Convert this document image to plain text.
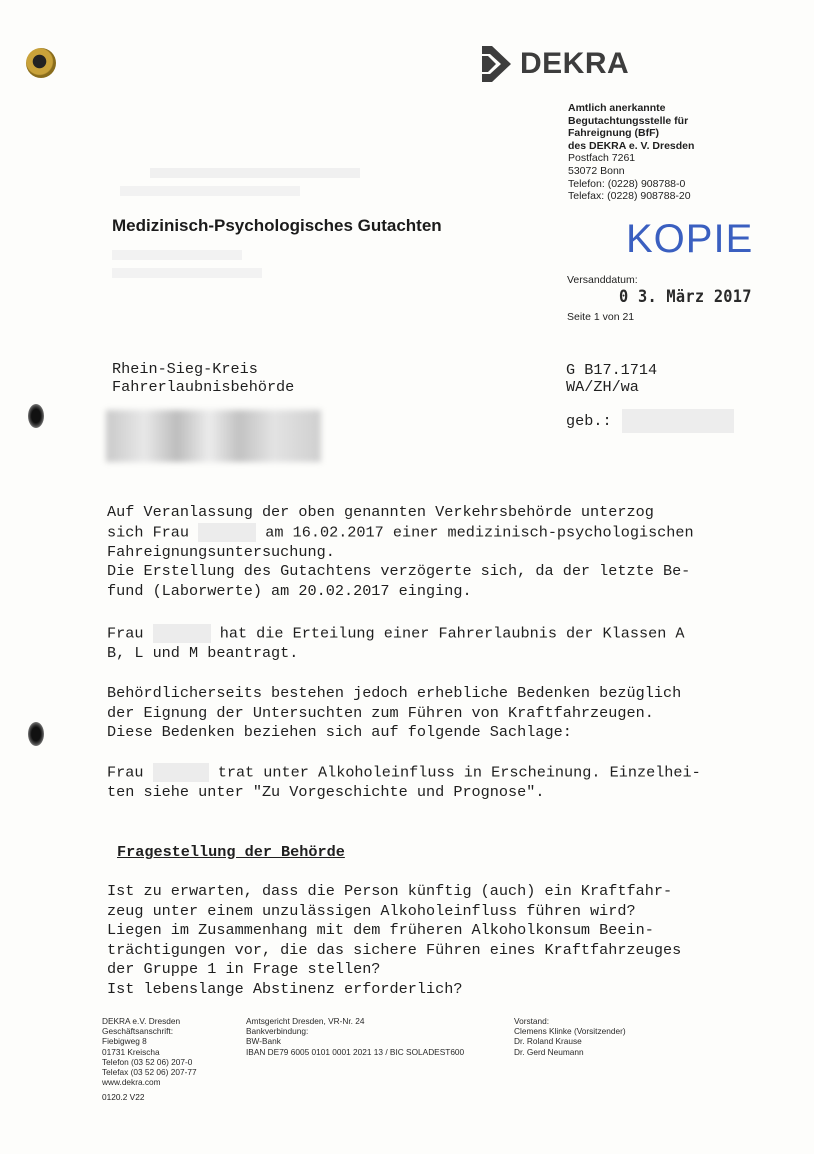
DEKRA
Amtlich anerkannte
Begutachtungsstelle für
Fahreignung (BfF)
des DEKRA e. V. Dresden
Postfach 7261
53072 Bonn
Telefon: (0228) 908788-0
Telefax: (0228) 908788-20
Medizinisch-Psychologisches Gutachten	KOPIE
Versanddatum:
0 3. März 2017
Seite 1 von 21
Rhein-Sieg-Kreis
Fahrerlaubnisbehörde
G B17.1714
WA/ZH/wa
geb.:
Auf Veranlassung der oben genannten Verkehrsbehörde unterzog
sich Frau	am 16.02.2017 einer medizinisch-psychologischen
Fahreignungsuntersuchung.
Die Erstellung des Gutachtens verzögerte sich, da der letzte Be-
fund (Laborwerte) am 20.02.2017 einging.
Frau	hat die Erteilung einer Fahrerlaubnis der Klassen A
B, L und M beantragt.
Behördlicherseits bestehen jedoch erhebliche Bedenken bezüglich
der Eignung der Untersuchten zum Führen von Kraftfahrzeugen.
Diese Bedenken beziehen sich auf folgende Sachlage:
Frau	trat unter Alkoholeinfluss in Erscheinung. Einzelhei-
ten siehe unter "Zu Vorgeschichte und Prognose".
Fragestellung der Behörde
Ist zu erwarten, dass die Person künftig (auch) ein Kraftfahr-
zeug unter einem unzulässigen Alkoholeinfluss führen wird?
Liegen im Zusammenhang mit dem früheren Alkoholkonsum Beein-
trächtigungen vor, die das sichere Führen eines Kraftfahrzeuges
der Gruppe 1 in Frage stellen?
Ist lebenslange Abstinenz erforderlich?
DEKRA e.V. Dresden
Geschäftsanschrift:
Fiebigweg 8
01731 Kreischa
Telefon (03 52 06) 207-0
Telefax (03 52 06) 207-77
www.dekra.com
Amtsgericht Dresden, VR-Nr. 24
Bankverbindung:
BW-Bank
IBAN DE79 6005 0101 0001 2021 13 / BIC SOLADEST600
Vorstand:
Clemens Klinke (Vorsitzender)
Dr. Roland Krause
Dr. Gerd Neumann
0120.2 V22
